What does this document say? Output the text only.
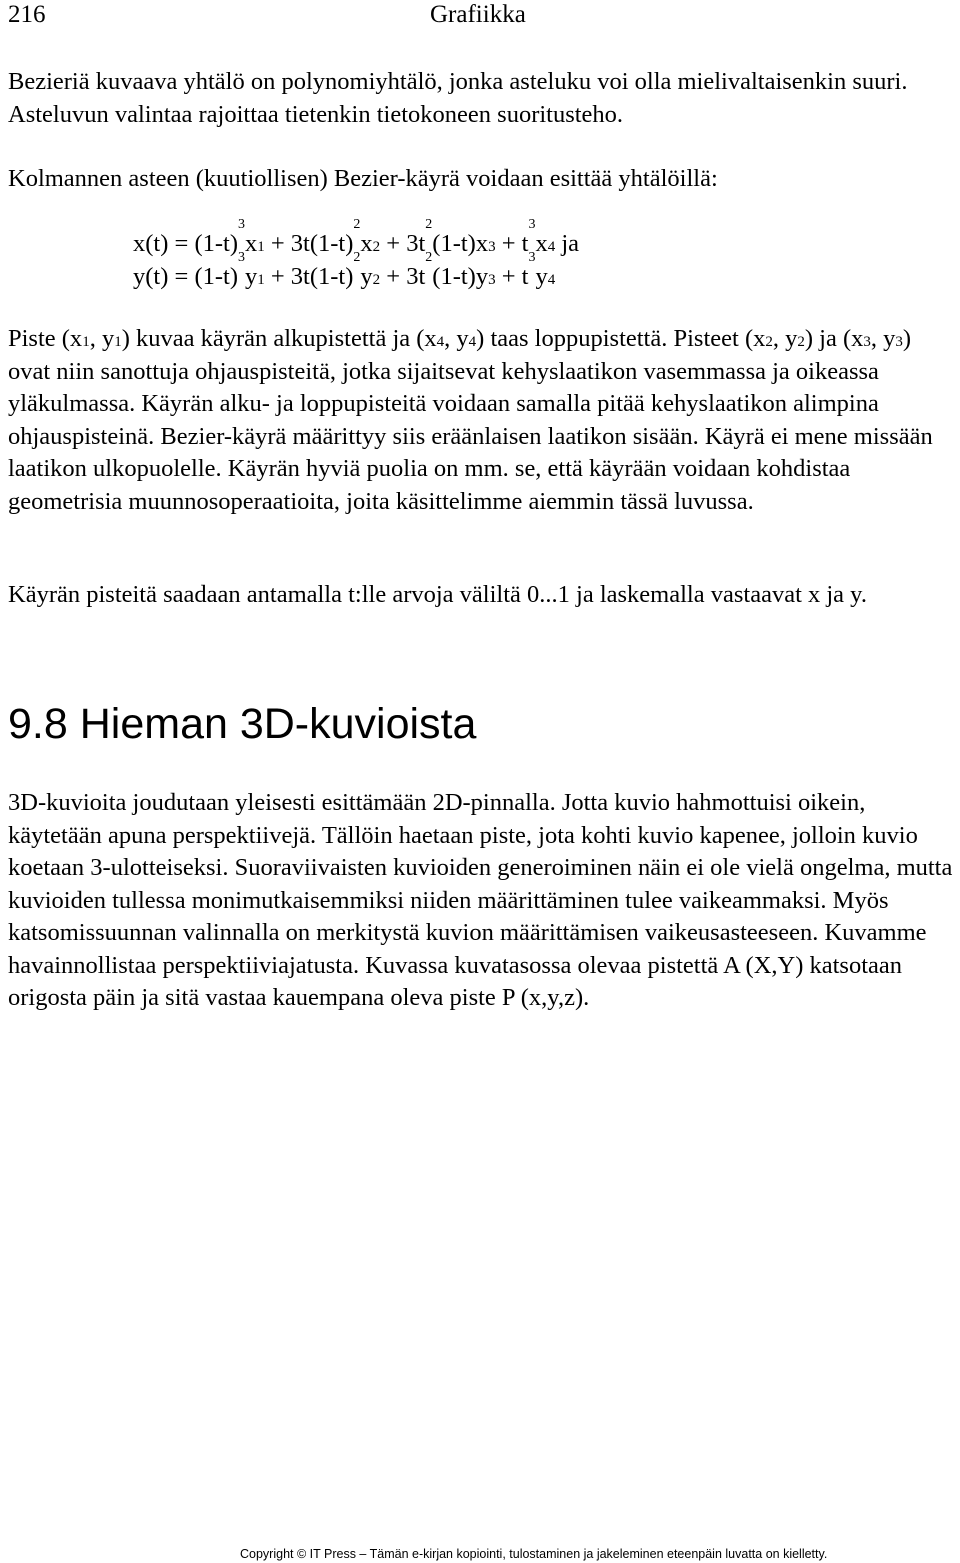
216	Grafiikka

Bezieriä kuvaava yhtälö on polynomiyhtälö, jonka asteluku voi olla mielivaltaisenkin suuri. Asteluvun valintaa rajoittaa tietenkin tietokoneen suoritusteho.

Kolmannen asteen (kuutiollisen) Bezier-käyrä voidaan esittää yhtälöillä:

$x(t) = (1-t)^3x1 + 3t(1-t)^2x2 + 3t^2(1-t)x3 + t^3x4$ ja
$y(t) = (1-t)^3y1 + 3t(1-t)^2y2 + 3t^2(1-t)y3 + t^3y4$

Piste (x1, y1) kuvaa käyrän alkupistettä ja (x4, y4) taas loppupistettä. Pisteet (x2, y2) ja (x3, y3) ovat niin sanottuja ohjauspisteitä, jotka sijaitsevat kehyslaatikon vasemmassa ja oikeassa yläkulmassa. Käyrän alku- ja loppupisteitä voidaan samalla pitää kehyslaatikon alimpina ohjauspisteinä. Bezier-käyrä määrittyy siis eräänlaisen laatikon sisään. Käyrä ei mene missään laatikon ulkopuolelle. Käyrän hyviä puolia on mm. se, että käyrään voidaan kohdistaa geometrisia muunnosoperaatioita, joita käsittelimme aiemmin tässä luvussa.

Käyrän pisteitä saadaan antamalla t:lle arvoja väliltä 0...1 ja laskemalla vastaavat x ja y.

9.8 Hieman 3D-kuvioista

3D-kuvioita joudutaan yleisesti esittämään 2D-pinnalla. Jotta kuvio hahmottuisi oikein, käytetään apuna perspektiivejä. Tällöin haetaan piste, jota kohti kuvio kapenee, jolloin kuvio koetaan 3-ulotteiseksi. Suoraviivaisten kuvioiden generoiminen näin ei ole vielä ongelma, mutta kuvioiden tullessa monimutkaisemmiksi niiden määrittäminen tulee vaikeammaksi. Myös katsomissuunnan valinnalla on merkitystä kuvion määrittämisen vaikeusasteeseen. Kuvamme havainnollistaa perspektiiviajatusta. Kuvassa kuvatasossa olevaa pistettä A (X,Y) katsotaan origosta päin ja sitä vastaa kauempana oleva piste P (x,y,z).

Copyright © IT Press – Tämän e-kirjan kopiointi, tulostaminen ja jakeleminen eteenpäin luvatta on kielletty.
